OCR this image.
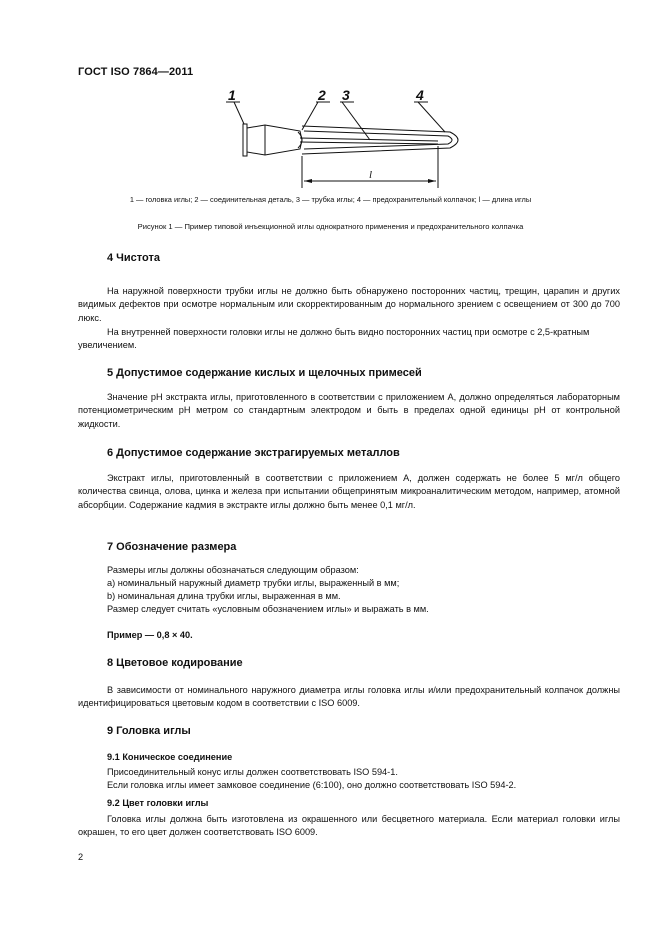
ГОСТ ISO 7864—2011
1	2 3	4
l
1 — головка иглы; 2 — соединительная деталь, 3 — трубка иглы; 4 — предохранительный колпачок; l — длина иглы
Рисунок 1 — Пример типовой инъекционной иглы однократного применения и предохранительного колпачка
4 Чистота
На наружной поверхности трубки иглы не должно быть обнаружено посторонних частиц, трещин, царапин и других видимых дефектов при осмотре нормальным или скорректированным до нормального зрением с освещением от 300 до 700 люкс.
На внутренней поверхности головки иглы не должно быть видно посторонних частиц при осмотре с 2,5-кратным увеличением.
5 Допустимое содержание кислых и щелочных примесей
Значение рН экстракта иглы, приготовленного в соответствии с приложением А, должно определяться лабораторным потенциометрическим рН метром со стандартным электродом и быть в пределах одной единицы рН от контрольной жидкости.
6 Допустимое содержание экстрагируемых металлов
Экстракт иглы, приготовленный в соответствии с приложением А, должен содержать не более 5 мг/л общего количества свинца, олова, цинка и железа при испытании общепринятым микроаналитическим методом, например, атомной абсорбции. Содержание кадмия в экстракте иглы должно быть менее 0,1 мг/л.
7 Обозначение размера
Размеры иглы должны обозначаться следующим образом:
a) номинальный наружный диаметр трубки иглы, выраженный в мм;
b) номинальная длина трубки иглы, выраженная в мм.
Размер следует считать «условным обозначением иглы» и выражать в мм.
Пример — 0,8 × 40.
8 Цветовое кодирование
В зависимости от номинального наружного диаметра иглы головка иглы и/или предохранительный колпачок должны идентифицироваться цветовым кодом в соответствии с ISO 6009.
9 Головка иглы
9.1 Коническое соединение
Присоединительный конус иглы должен соответствовать ISO 594-1.
Если головка иглы имеет замковое соединение (6:100), оно должно соответствовать ISO 594-2.
9.2 Цвет головки иглы
Головка иглы должна быть изготовлена из окрашенного или бесцветного материала. Если материал головки иглы окрашен, то его цвет должен соответствовать ISO 6009.
2
